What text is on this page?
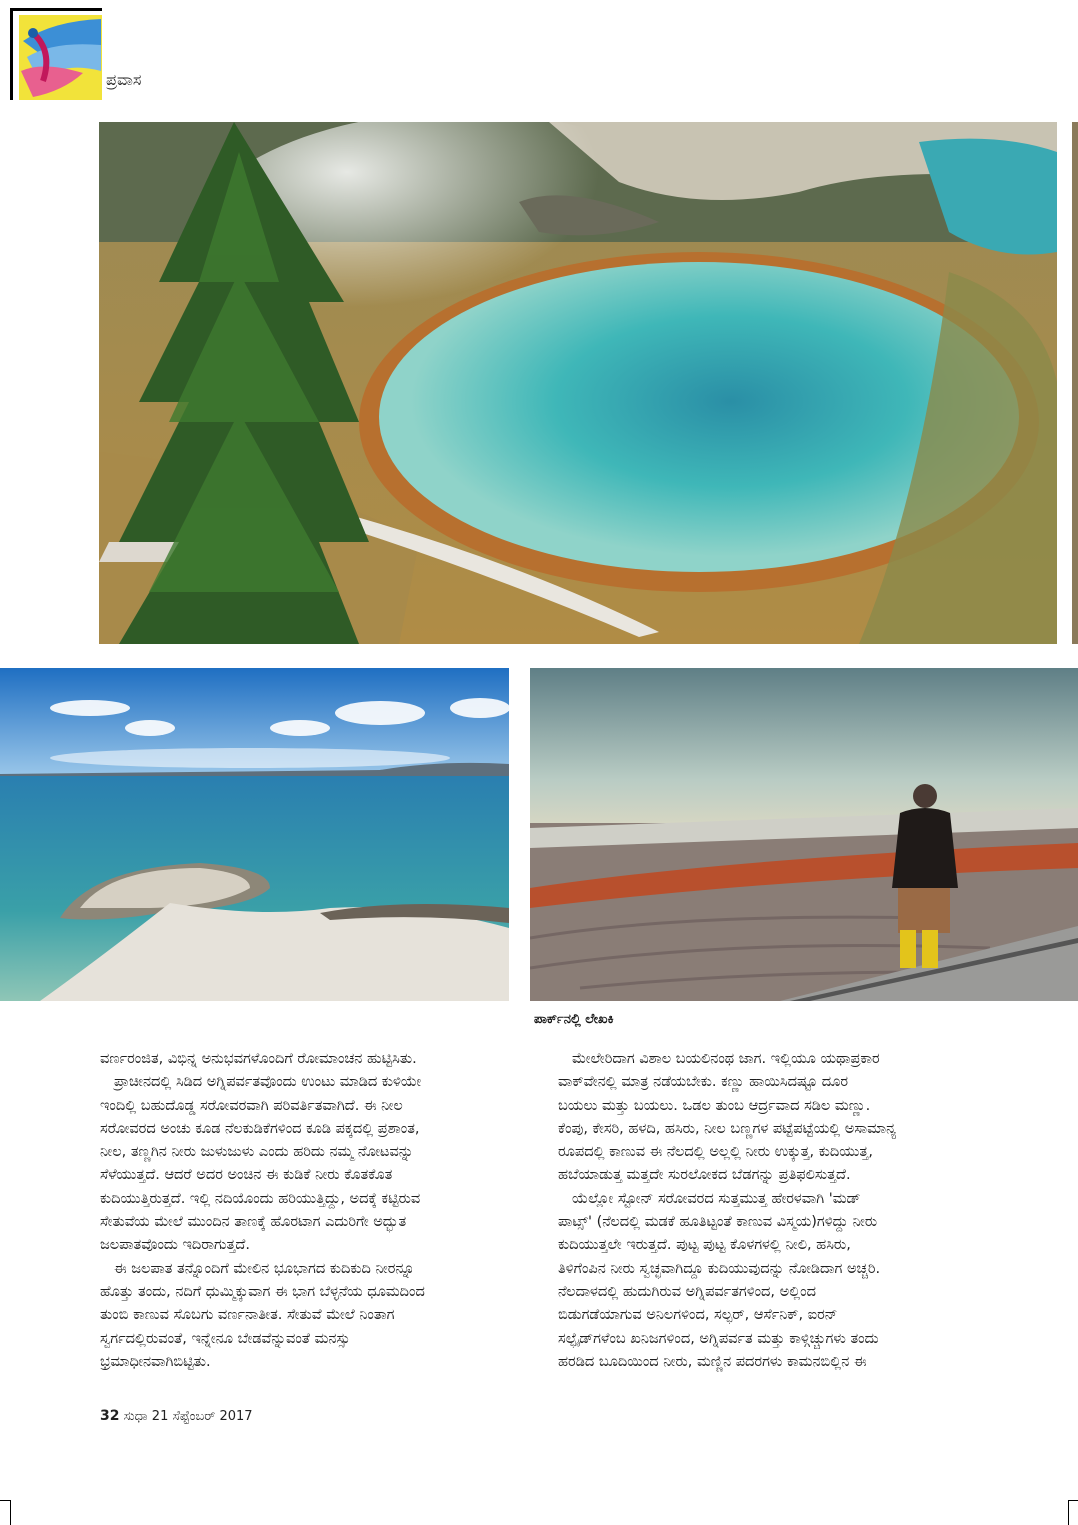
ಪ್ರವಾಸ
ಪಾರ್ಕ್‌ನಲ್ಲಿ ಲೇಖಕಿ

ವರ್ಣರಂಜಿತ, ವಿಭಿನ್ನ ಅನುಭವಗಳೊಂದಿಗೆ ರೋಮಾಂಚನ ಹುಟ್ಟಿಸಿತು.

ಪ್ರಾಚೀನದಲ್ಲಿ ಸಿಡಿದ ಅಗ್ನಿಪರ್ವತವೊಂದು ಉಂಟು ಮಾಡಿದ ಕುಳಿಯೇ

ಇಂದಿಲ್ಲಿ ಬಹುದೊಡ್ಡ ಸರೋವರವಾಗಿ ಪರಿವರ್ತಿತವಾಗಿದೆ. ಈ ನೀಲ

ಸರೋವರದ ಅಂಚು ಕೂಡ ನೆಲಕುಡಿಕೆಗಳಿಂದ ಕೂಡಿ ಪಕ್ಕದಲ್ಲಿ ಪ್ರಶಾಂತ,

ನೀಲ, ತಣ್ಣಗಿನ ನೀರು ಜುಳುಜುಳು ಎಂದು ಹರಿದು ನಮ್ಮ ನೋಟವನ್ನು

ಸೆಳೆಯುತ್ತದೆ. ಆದರೆ ಅದರ ಅಂಚಿನ ಈ ಕುಡಿಕೆ ನೀರು ಕೊತಕೊತ

ಕುದಿಯುತ್ತಿರುತ್ತದೆ. ಇಲ್ಲಿ ನದಿಯೊಂದು ಹರಿಯುತ್ತಿದ್ದು, ಅದಕ್ಕೆ ಕಟ್ಟಿರುವ

ಸೇತುವೆಯ ಮೇಲೆ ಮುಂದಿನ ತಾಣಕ್ಕೆ ಹೊರಟಾಗ ಎದುರಿಗೇ ಅದ್ಭುತ

ಜಲಪಾತವೊಂದು ಇದಿರಾಗುತ್ತದೆ.

ಈ ಜಲಪಾತ ತನ್ನೊಂದಿಗೆ ಮೇಲಿನ ಭೂಭಾಗದ ಕುದಿಕುದಿ ನೀರನ್ನೂ

ಹೊತ್ತು ತಂದು, ನದಿಗೆ ಧುಮ್ಮಿಕ್ಕುವಾಗ ಈ ಭಾಗ ಬೆಳ್ಳನೆಯ ಧೂಮದಿಂದ

ತುಂಬಿ ಕಾಣುವ ಸೊಬಗು ವರ್ಣನಾತೀತ. ಸೇತುವೆ ಮೇಲೆ ನಿಂತಾಗ

ಸ್ವರ್ಗದಲ್ಲಿರುವಂತೆ, ಇನ್ನೇನೂ ಬೇಡವೆನ್ನುವಂತೆ ಮನಸ್ಸು

ಭ್ರಮಾಧೀನವಾಗಿಬಿಟ್ಟಿತು.

ಮೇಲೇರಿದಾಗ ವಿಶಾಲ ಬಯಲಿನಂಥ ಜಾಗ. ಇಲ್ಲಿಯೂ ಯಥಾಪ್ರಕಾರ

ವಾಕ್‌ವೇನಲ್ಲಿ ಮಾತ್ರ ನಡೆಯಬೇಕು. ಕಣ್ಣು ಹಾಯಿಸಿದಷ್ಟೂ ದೂರ

ಬಯಲು ಮತ್ತು ಬಯಲು. ಒಡಲ ತುಂಬ ಆರ್ದ್ರವಾದ ಸಡಿಲ ಮಣ್ಣು.

ಕೆಂಪು, ಕೇಸರಿ, ಹಳದಿ, ಹಸಿರು, ನೀಲ ಬಣ್ಣಗಳ ಪಟ್ಟೆಪಟ್ಟೆಯಲ್ಲಿ ಅಸಾಮಾನ್ಯ

ರೂಪದಲ್ಲಿ ಕಾಣುವ ಈ ನೆಲದಲ್ಲಿ ಅಲ್ಲಲ್ಲಿ ನೀರು ಉಕ್ಕುತ್ತ, ಕುದಿಯುತ್ತ,

ಹಬೆಯಾಡುತ್ತ ಮತ್ತದೇ ಸುರಲೋಕದ ಬೆಡಗನ್ನು ಪ್ರತಿಫಲಿಸುತ್ತದೆ.

ಯೆಲ್ಲೋ ಸ್ಟೋನ್ ಸರೋವರದ ಸುತ್ತಮುತ್ತ ಹೇರಳವಾಗಿ 'ಮಡ್

ಪಾಟ್ಸ್' (ನೆಲದಲ್ಲಿ ಮಡಕೆ ಹೂತಿಟ್ಟಂತೆ ಕಾಣುವ ವಿಸ್ಮಯ)ಗಳಿದ್ದು ನೀರು

ಕುದಿಯುತ್ತಲೇ ಇರುತ್ತದೆ. ಪುಟ್ಟ ಪುಟ್ಟ ಕೊಳಗಳಲ್ಲಿ ನೀಲಿ, ಹಸಿರು,

ತಿಳಿಗೆಂಪಿನ ನೀರು ಸ್ವಚ್ಛವಾಗಿದ್ದೂ ಕುದಿಯುವುದನ್ನು ನೋಡಿದಾಗ ಅಚ್ಚರಿ.

ನೆಲದಾಳದಲ್ಲಿ ಹುದುಗಿರುವ ಅಗ್ನಿಪರ್ವತಗಳಿಂದ, ಅಲ್ಲಿಂದ

ಬಿಡುಗಡೆಯಾಗುವ ಅನಿಲಗಳಿಂದ, ಸಲ್ಫರ್, ಆರ್ಸೆನಿಕ್, ಐರನ್

ಸಲ್ಫೈಡ್‌ಗಳೆಂಬ ಖನಿಜಗಳಿಂದ, ಅಗ್ನಿಪರ್ವತ ಮತ್ತು ಕಾಳ್ಗಿಚ್ಚುಗಳು ತಂದು

ಹರಡಿದ ಬೂದಿಯಿಂದ ನೀರು, ಮಣ್ಣಿನ ಪದರಗಳು ಕಾಮನಬಿಲ್ಲಿನ ಈ

32 ಸುಧಾ 21 ಸೆಪ್ಟೆಂಬರ್ 2017
